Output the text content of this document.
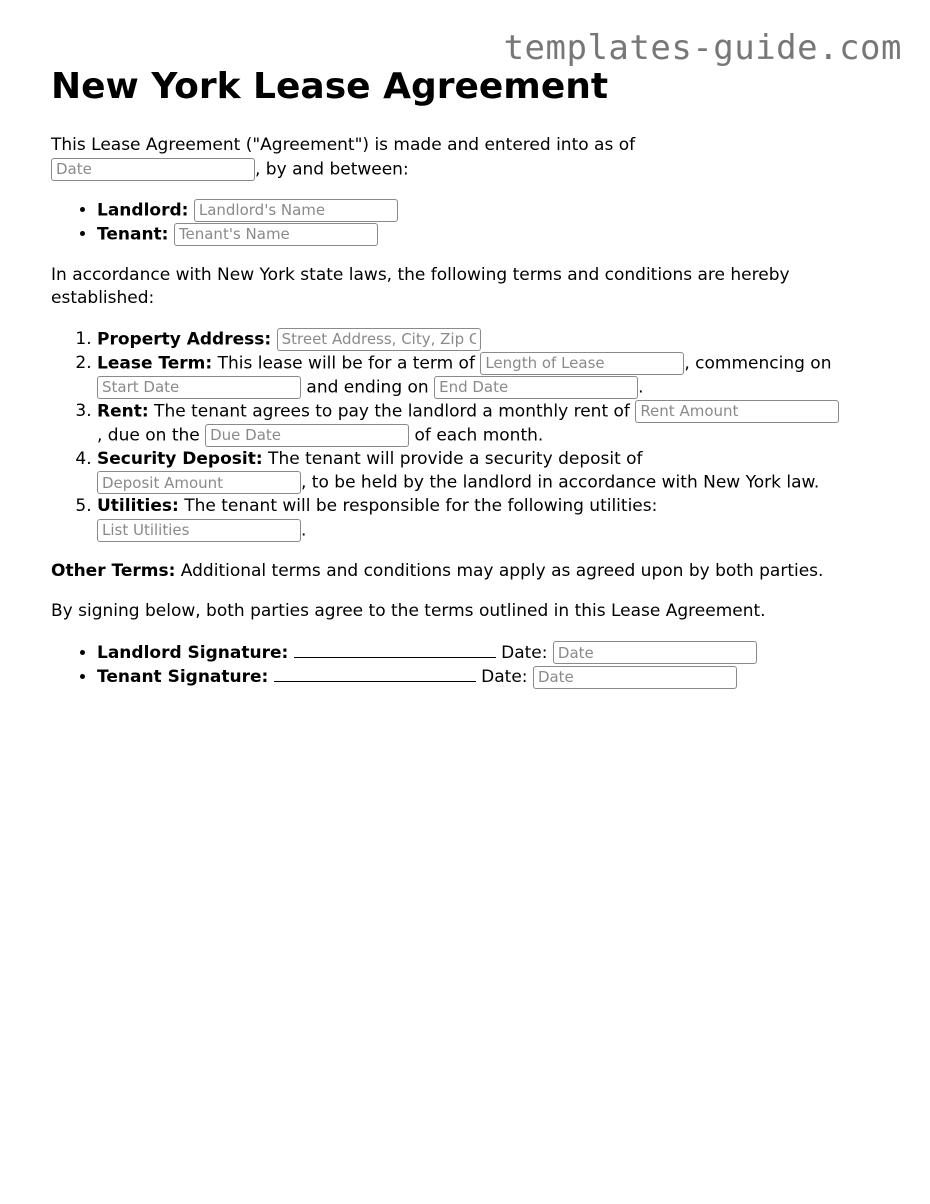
templates-guide.com
New York Lease Agreement

This Lease Agreement ("Agreement") is made and entered into as of
Date, by and between:

• Landlord: Landlord's Name
• Tenant: Tenant's Name

In accordance with New York state laws, the following terms and conditions are hereby established:

1. Property Address: Street Address, City, Zip Code
2. Lease Term: This lease will be for a term of Length of Lease	, commencing on Start Date and ending on End Date	.
3. Rent: The tenant agrees to pay the landlord a monthly rent of Rent Amount
, due on the Due Date	of each month.
4. Security Deposit: The tenant will provide a security deposit of
Deposit Amount, to be held by the landlord in accordance with New York law.
5. Utilities: The tenant will be responsible for the following utilities:
List Utilities.

Other Terms: Additional terms and conditions may apply as agreed upon by both parties.

By signing below, both parties agree to the terms outlined in this Lease Agreement.

• Landlord Signature:	Date: Date
• Tenant Signature:	Date: Date
